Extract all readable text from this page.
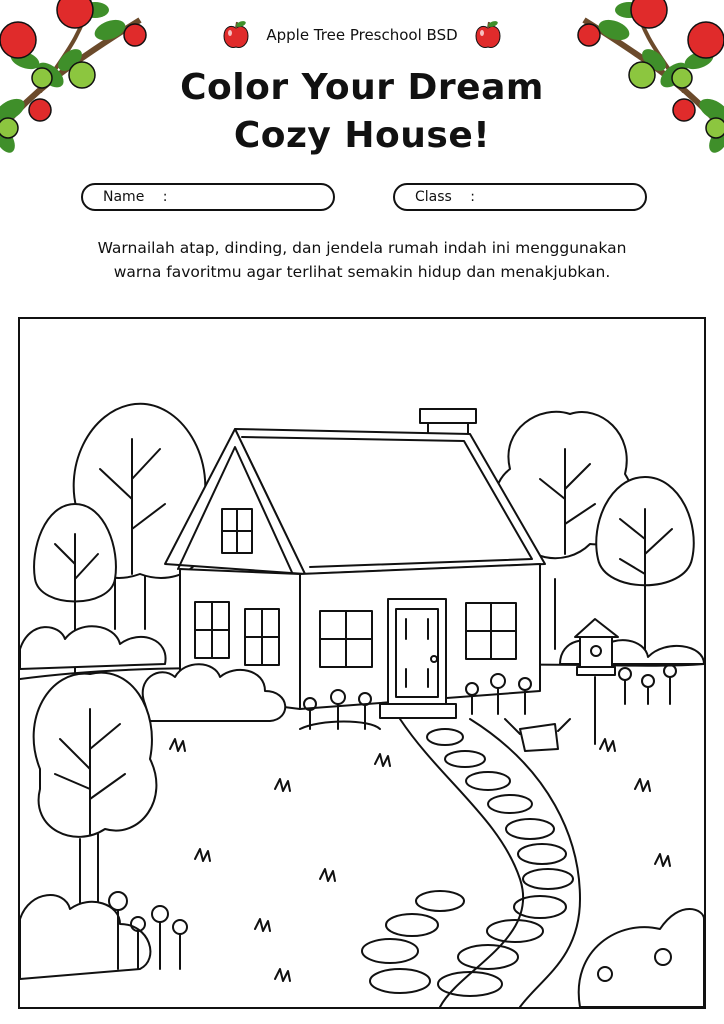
Apple Tree Preschool BSD
Color Your Dream
Cozy House!
Name :	Class :
Warnailah atap, dinding, dan jendela rumah indah ini menggunakan
warna favoritmu agar terlihat semakin hidup dan menakjubkan.
